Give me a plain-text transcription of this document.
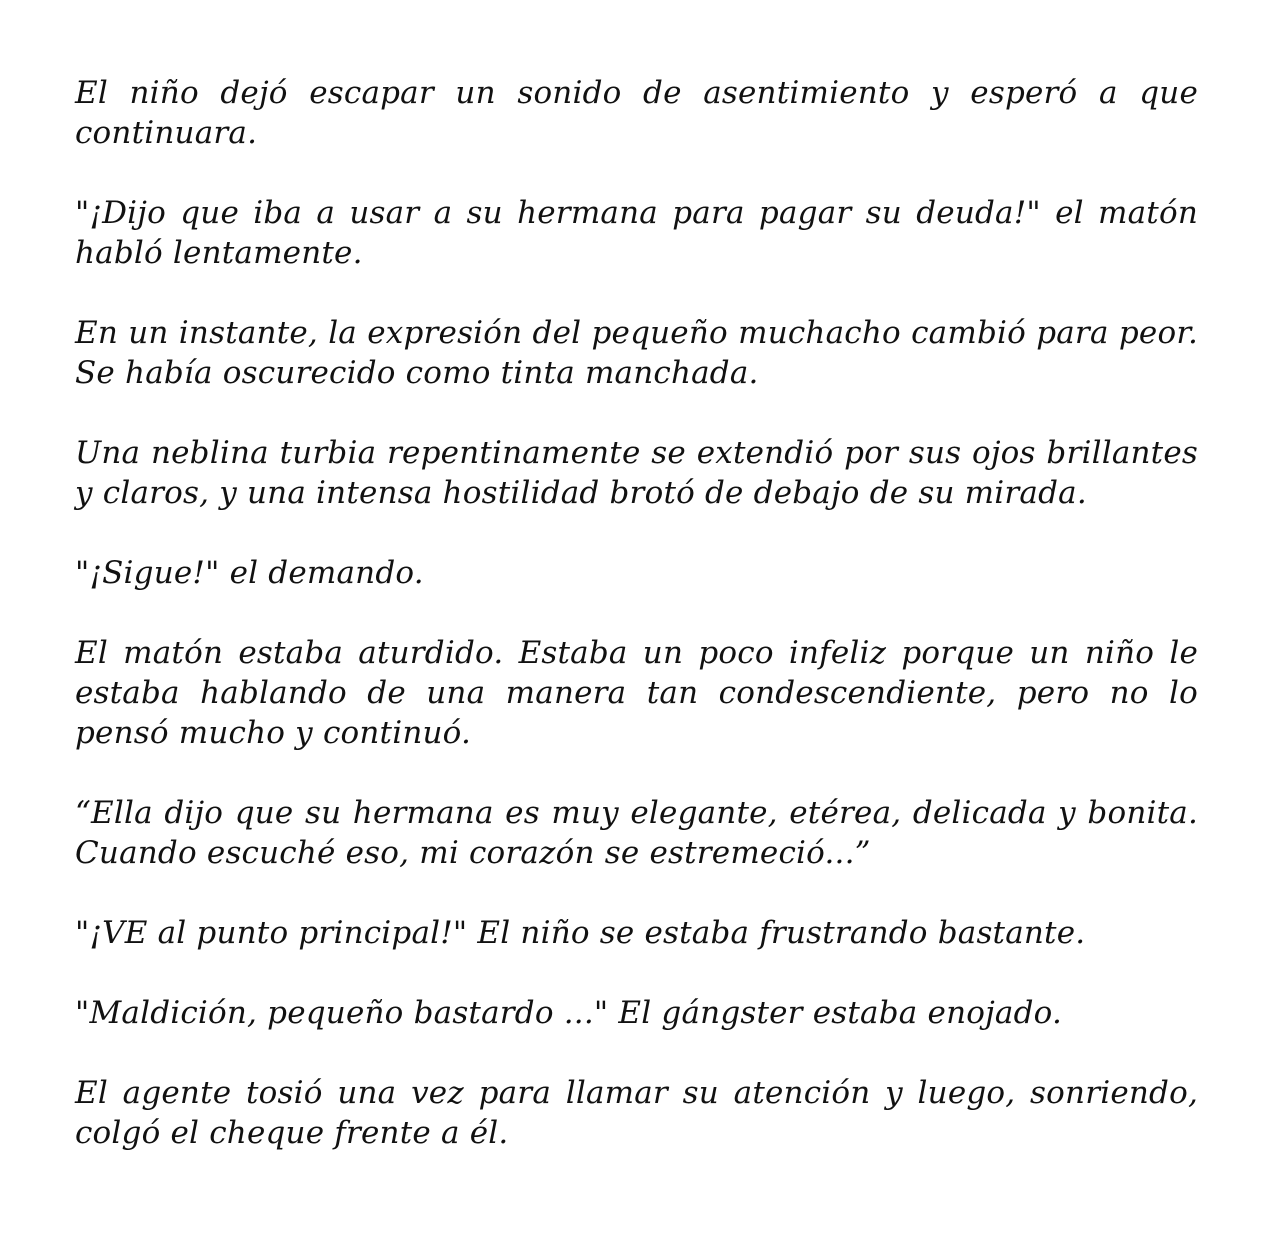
El niño dejó escapar un sonido de asentimiento y esperó a que continuara.

"¡Dijo que iba a usar a su hermana para pagar su deuda!" el matón habló lentamente.

En un instante, la expresión del pequeño muchacho cambió para peor. Se había oscurecido como tinta manchada.

Una neblina turbia repentinamente se extendió por sus ojos brillantes y claros, y una intensa hostilidad brotó de debajo de su mirada.

"¡Sigue!" el demando.

El matón estaba aturdido. Estaba un poco infeliz porque un niño le estaba hablando de una manera tan condescendiente, pero no lo pensó mucho y continuó.

“Ella dijo que su hermana es muy elegante, etérea, delicada y bonita. Cuando escuché eso, mi corazón se estremeció...”

"¡VE al punto principal!" El niño se estaba frustrando bastante.

"Maldición, pequeño bastardo ..." El gángster estaba enojado.

El agente tosió una vez para llamar su atención y luego, sonriendo, colgó el cheque frente a él.
